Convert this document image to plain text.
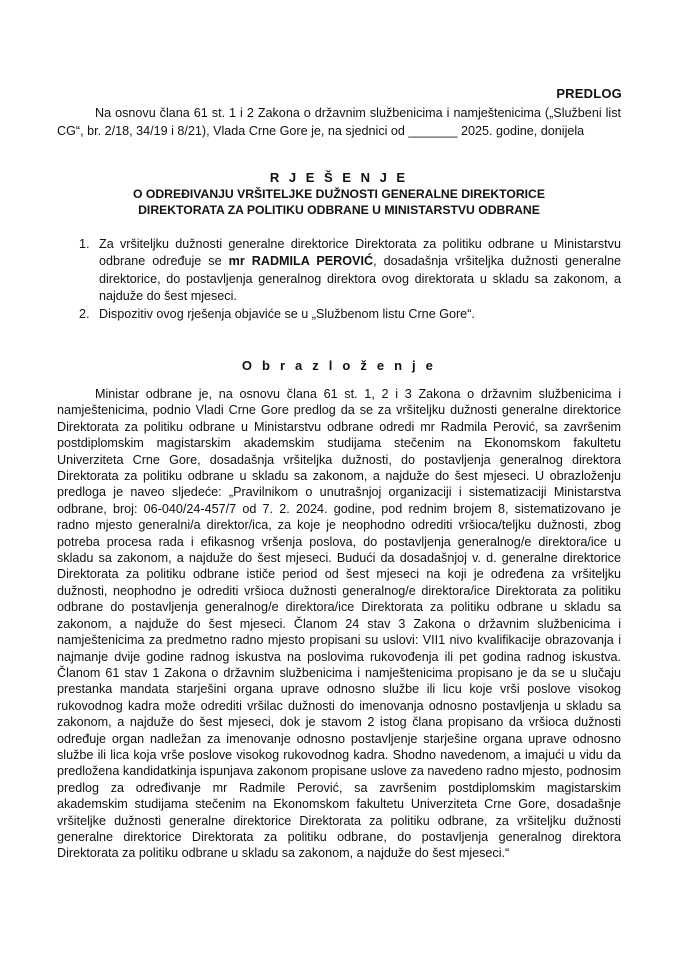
PREDLOG
Na osnovu člana 61 st. 1 i 2 Zakona o državnim službenicima i namještenicima („Službeni list CG“, br. 2/18, 34/19 i 8/21), Vlada Crne Gore je, na sjednici od _______ 2025. godine, donijela
R J E Š E N J E
O ODREĐIVANJU VRŠITELJKE DUŽNOSTI GENERALNE DIREKTORICE
DIREKTORATA ZA POLITIKU ODBRANE U MINISTARSTVU ODBRANE
1. Za vršiteljku dužnosti generalne direktorice Direktorata za politiku odbrane u Ministarstvu odbrane određuje se mr RADMILA PEROVIĆ, dosadašnja vršiteljka dužnosti generalne direktorice, do postavljenja generalnog direktora ovog direktorata u skladu sa zakonom, a najduže do šest mjeseci.
2. Dispozitiv ovog rješenja objaviće se u „Službenom listu Crne Gore“.
O b r a z l o ž e n j e
Ministar odbrane je, na osnovu člana 61 st. 1, 2 i 3 Zakona o državnim službenicima i namještenicima, podnio Vladi Crne Gore predlog da se za vršiteljku dužnosti generalne direktorice Direktorata za politiku odbrane u Ministarstvu odbrane odredi mr Radmila Perović, sa završenim postdiplomskim magistarskim akademskim studijama stečenim na Ekonomskom fakultetu Univerziteta Crne Gore, dosadašnja vršiteljka dužnosti, do postavljenja generalnog direktora Direktorata za politiku odbrane u skladu sa zakonom, a najduže do šest mjeseci. U obrazloženju predloga je naveo sljedeće: „Pravilnikom o unutrašnjoj organizaciji i sistematizaciji Ministarstva odbrane, broj: 06-040/24-457/7 od 7. 2. 2024. godine, pod rednim brojem 8, sistematizovano je radno mjesto generalni/a direktor/ica, za koje je neophodno odrediti vršioca/teljku dužnosti, zbog potreba procesa rada i efikasnog vršenja poslova, do postavljenja generalnog/e direktora/ice u skladu sa zakonom, a najduže do šest mjeseci. Budući da dosadašnjoj v. d. generalne direktorice Direktorata za politiku odbrane ističe period od šest mjeseci na koji je određena za vršiteljku dužnosti, neophodno je odrediti vršioca dužnosti generalnog/e direktora/ice Direktorata za politiku odbrane do postavljenja generalnog/e direktora/ice Direktorata za politiku odbrane u skladu sa zakonom, a najduže do šest mjeseci. Članom 24 stav 3 Zakona o državnim službenicima i namještenicima za predmetno radno mjesto propisani su uslovi: VII1 nivo kvalifikacije obrazovanja i najmanje dvije godine radnog iskustva na poslovima rukovođenja ili pet godina radnog iskustva. Članom 61 stav 1 Zakona o državnim službenicima i namještenicima propisano je da se u slučaju prestanka mandata starješini organa uprave odnosno službe ili licu koje vrši poslove visokog rukovodnog kadra može odrediti vršilac dužnosti do imenovanja odnosno postavljenja u skladu sa zakonom, a najduže do šest mjeseci, dok je stavom 2 istog člana propisano da vršioca dužnosti određuje organ nadležan za imenovanje odnosno postavljenje starješine organa uprave odnosno službe ili lica koja vrše poslove visokog rukovodnog kadra. Shodno navedenom, a imajući u vidu da predložena kandidatkinja ispunjava zakonom propisane uslove za navedeno radno mjesto, podnosim predlog za određivanje mr Radmile Perović, sa završenim postdiplomskim magistarskim akademskim studijama stečenim na Ekonomskom fakultetu Univerziteta Crne Gore, dosadašnje vršiteljke dužnosti generalne direktorice Direktorata za politiku odbrane, za vršiteljku dužnosti generalne direktorice Direktorata za politiku odbrane, do postavljenja generalnog direktora Direktorata za politiku odbrane u skladu sa zakonom, a najduže do šest mjeseci.“
